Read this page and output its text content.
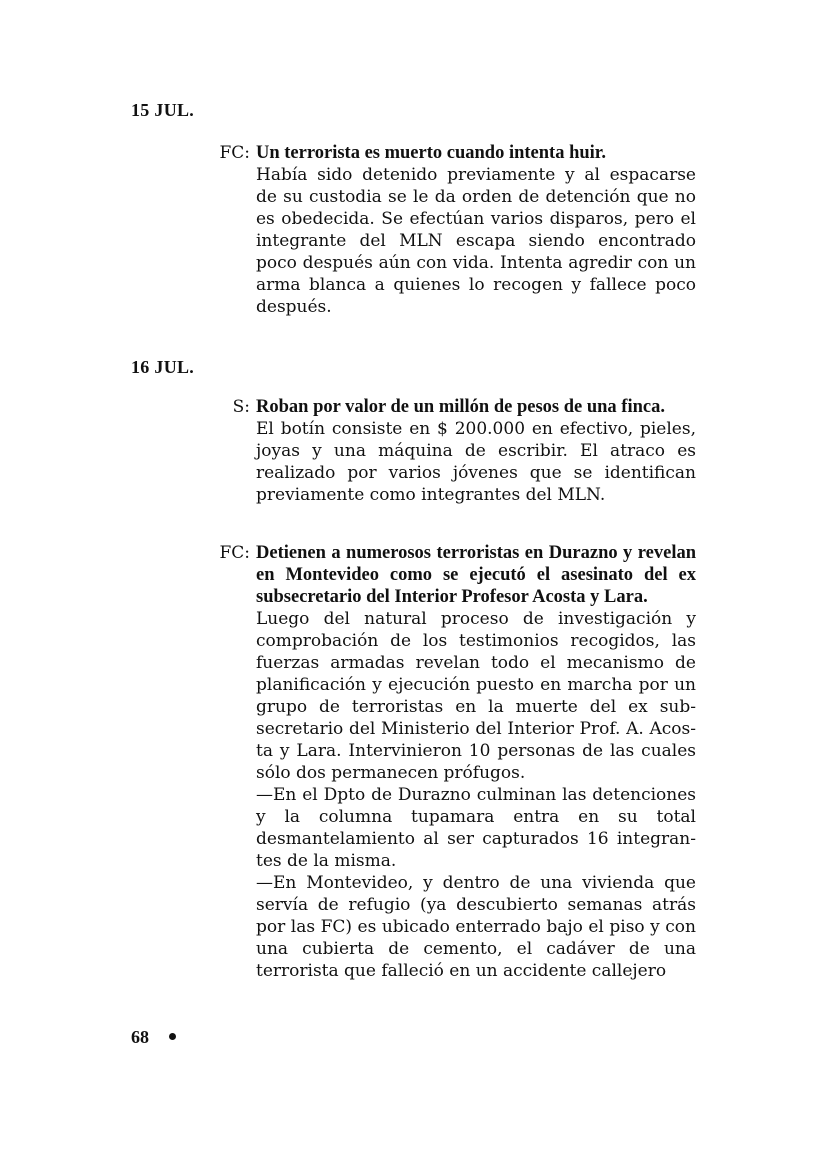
15 JUL.
FC: Un terrorista es muerto cuando intenta huir.
Había sido detenido previamente y al espacarse de su custodia se le da orden de detención que no es obedecida. Se efectúan varios disparos, pero el integrante del MLN escapa siendo encontrado poco después aún con vida. Intenta agredir con un arma blanca a quienes lo recogen y fallece poco después.
16 JUL.
S: Roban por valor de un millón de pesos de una finca.
El botín consiste en $ 200.000 en efectivo, pieles, joyas y una máquina de escribir. El atraco es realizado por varios jóvenes que se identifican previamente como integrantes del MLN.
FC: Detienen a numerosos terroristas en Durazno y revelan en Montevideo como se ejecutó el asesinato del ex subsecretario del Interior Profesor Acosta y Lara.
Luego del natural proceso de investigación y comprobación de los testimonios recogidos, las fuerzas armadas revelan todo el mecanismo de planificación y ejecución puesto en marcha por un grupo de terroristas en la muerte del ex subsecretario del Ministerio del Interior Prof. A. Acosta y Lara. Intervinieron 10 personas de las cuales sólo dos permanecen prófugos.
—En el Dpto de Durazno culminan las detenciones y la columna tupamara entra en su total desmantelamiento al ser capturados 16 integrantes de la misma.
—En Montevideo, y dentro de una vivienda que servía de refugio (ya descubierto semanas atrás por las FC) es ubicado enterrado bajo el piso y con una cubierta de cemento, el cadáver de una terrorista que falleció en un accidente callejero
68
